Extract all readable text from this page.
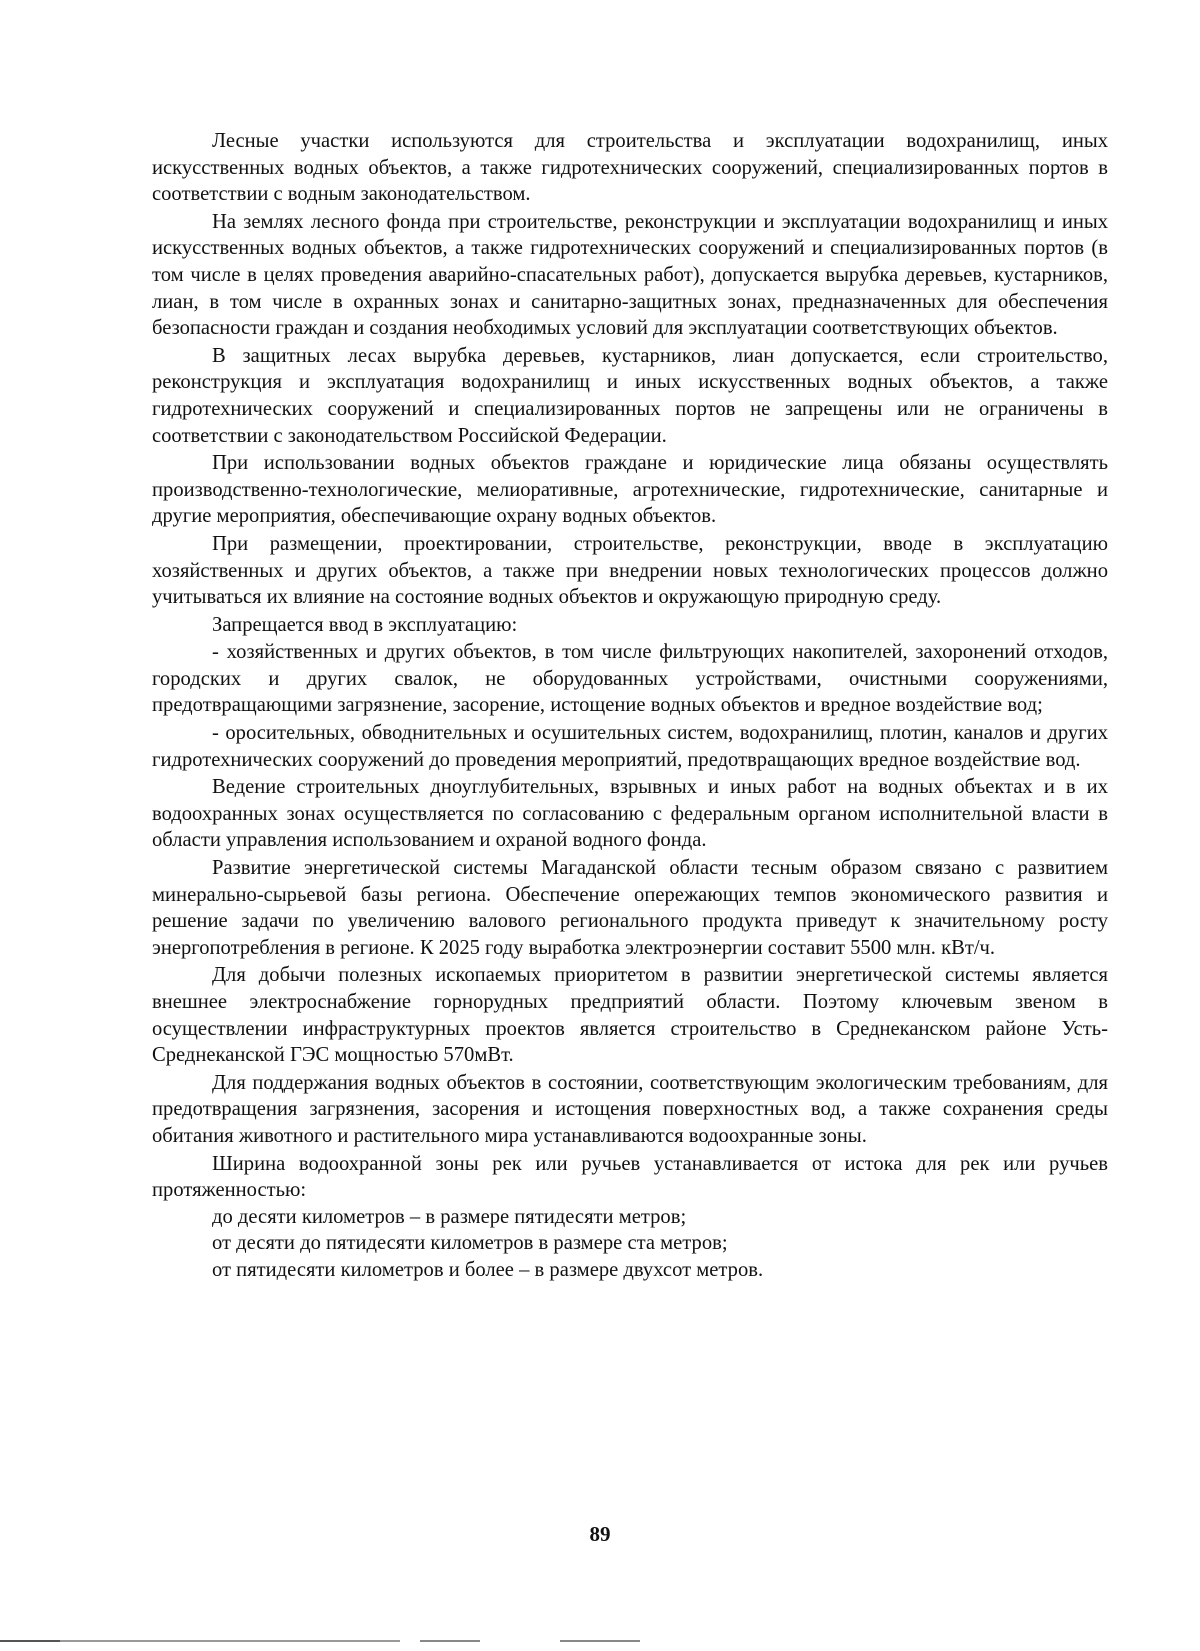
Лесные участки используются для строительства и эксплуатации водохранилищ, иных искусственных водных объектов, а также гидротехнических сооружений, специализированных портов в соответствии с водным законодательством.

На землях лесного фонда при строительстве, реконструкции и эксплуатации водохранилищ и иных искусственных водных объектов, а также гидротехнических сооружений и специализированных портов (в том числе в целях проведения аварийно-спасательных работ), допускается вырубка деревьев, кустарников, лиан, в том числе в охранных зонах и санитарно-защитных зонах, предназначенных для обеспечения безопасности граждан и создания необходимых условий для эксплуатации соответствующих объектов.

В защитных лесах вырубка деревьев, кустарников, лиан допускается, если строительство, реконструкция и эксплуатация водохранилищ и иных искусственных водных объектов, а также гидротехнических сооружений и специализированных портов не запрещены или не ограничены в соответствии с законодательством Российской Федерации.

При использовании водных объектов граждане и юридические лица обязаны осуществлять производственно-технологические, мелиоративные, агротехнические, гидротехнические, санитарные и другие мероприятия, обеспечивающие охрану водных объектов.

При размещении, проектировании, строительстве, реконструкции, вводе в эксплуатацию хозяйственных и других объектов, а также при внедрении новых технологических процессов должно учитываться их влияние на состояние водных объектов и окружающую природную среду.

Запрещается ввод в эксплуатацию:

- хозяйственных и других объектов, в том числе фильтрующих накопителей, захоронений отходов, городских и других свалок, не оборудованных устройствами, очистными сооружениями, предотвращающими загрязнение, засорение, истощение водных объектов и вредное воздействие вод;

- оросительных, обводнительных и осушительных систем, водохранилищ, плотин, каналов и других гидротехнических сооружений до проведения мероприятий, предотвращающих вредное воздействие вод.

Ведение строительных дноуглубительных, взрывных и иных работ на водных объектах и в их водоохранных зонах осуществляется по согласованию с федеральным органом исполнительной власти в области управления использованием и охраной водного фонда.

Развитие энергетической системы Магаданской области тесным образом связано с развитием минерально-сырьевой базы региона. Обеспечение опережающих темпов экономического развития и решение задачи по увеличению валового регионального продукта приведут к значительному росту энергопотребления в регионе. К 2025 году выработка электроэнергии составит 5500 млн. кВт/ч.

Для добычи полезных ископаемых приоритетом в развитии энергетической системы является внешнее электроснабжение горнорудных предприятий области. Поэтому ключевым звеном в осуществлении инфраструктурных проектов является строительство в Среднеканском районе Усть-Среднеканской ГЭС мощностью 570мВт.

Для поддержания водных объектов в состоянии, соответствующим экологическим требованиям, для предотвращения загрязнения, засорения и истощения поверхностных вод, а также сохранения среды обитания животного и растительного мира устанавливаются водоохранные зоны.

Ширина водоохранной зоны рек или ручьев устанавливается от истока для рек или ручьев протяженностью:

до десяти километров – в размере пятидесяти метров;

от десяти до пятидесяти километров в размере ста метров;

от пятидесяти километров и более – в размере двухсот метров.

89
